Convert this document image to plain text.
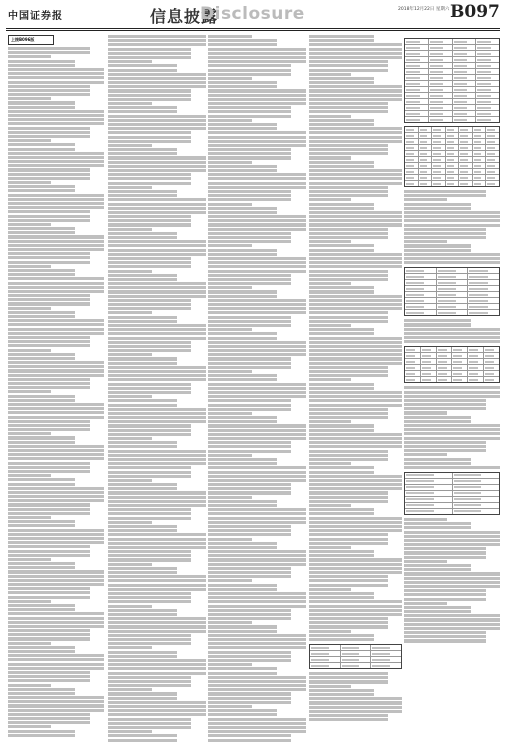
中国证券报	信息披露
Disclosure	2018年12月22日 星期六 B097
上接B096版
